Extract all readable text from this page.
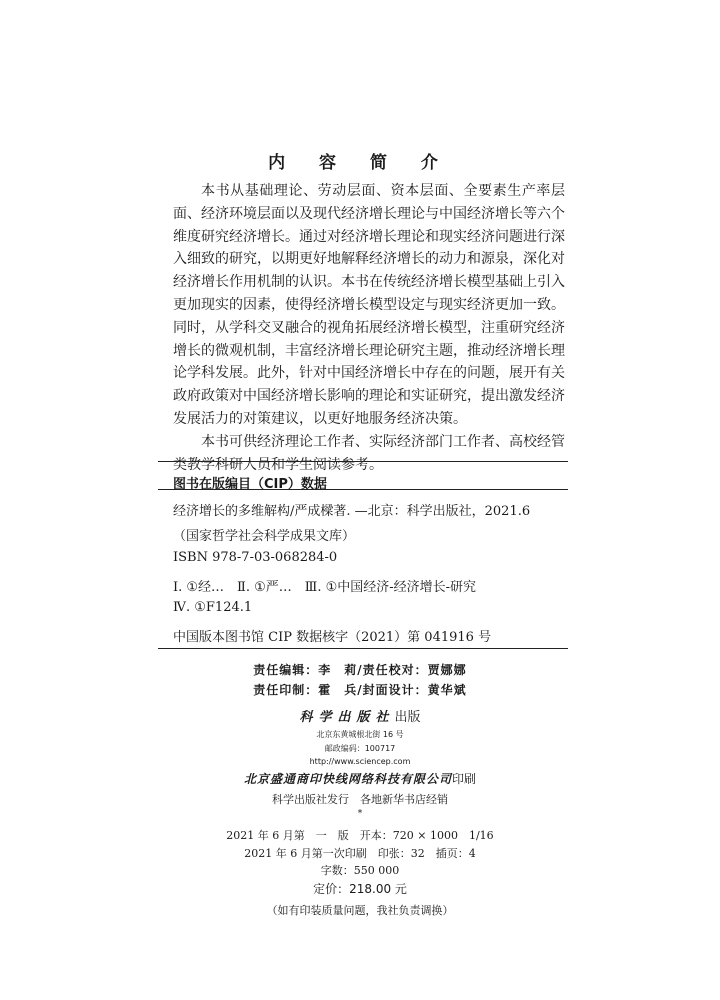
内 容 简 介

本书从基础理论、劳动层面、资本层面、全要素生产率层面、经济环境层面以及现代经济增长理论与中国经济增长等六个维度研究经济增长。通过对经济增长理论和现实经济问题进行深入细致的研究，以期更好地解释经济增长的动力和源泉，深化对经济增长作用机制的认识。本书在传统经济增长模型基础上引入更加现实的因素，使得经济增长模型设定与现实经济更加一致。同时，从学科交叉融合的视角拓展经济增长模型，注重研究经济增长的微观机制，丰富经济增长理论研究主题，推动经济增长理论学科发展。此外，针对中国经济增长中存在的问题，展开有关政府政策对中国经济增长影响的理论和实证研究，提出激发经济发展活力的对策建议，以更好地服务经济决策。

本书可供经济理论工作者、实际经济部门工作者、高校经管类教学科研人员和学生阅读参考。

图书在版编目（CIP）数据
经济增长的多维解构/严成樑著. —北京：科学出版社，2021.6
（国家哲学社会科学成果文库）
ISBN 978-7-03-068284-0
Ⅰ. ①经…　Ⅱ. ①严…　Ⅲ. ①中国经济-经济增长-研究
Ⅳ. ①F124.1
中国版本图书馆 CIP 数据核字（2021）第 041916 号
责任编辑：李　莉/责任校对：贾娜娜
责任印制：霍　兵/封面设计：黄华斌
科学出版社出版
北京东黄城根北街 16 号
邮政编码：100717
http://www.sciencep.com
北京盛通商印快线网络科技有限公司印刷
科学出版社发行　各地新华书店经销
*
2021 年 6 月第　一　版　开本：720 × 1000　1/16
2021 年 6 月第一次印刷　印张：32　插页：4
字数：550 000
定价：218.00 元
（如有印装质量问题，我社负责调换）
